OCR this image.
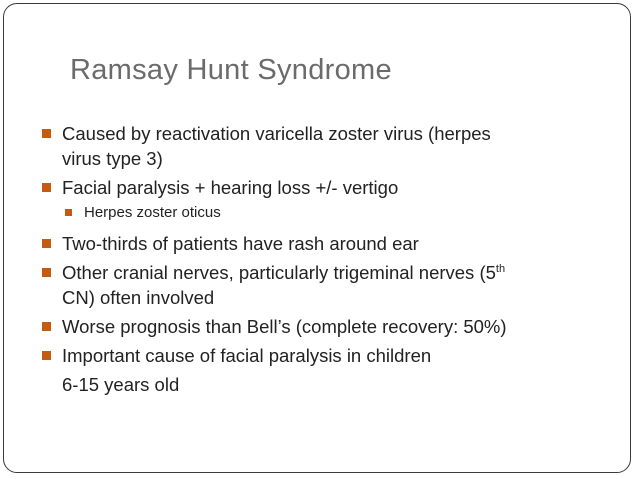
Ramsay Hunt Syndrome
Caused by reactivation varicella zoster virus (herpes
virus type 3)
Facial paralysis + hearing loss +/- vertigo
Herpes zoster oticus
Two-thirds of patients have rash around ear
Other cranial nerves, particularly trigeminal nerves (5th
CN) often involved
Worse prognosis than Bell’s (complete recovery: 50%)
Important cause of facial paralysis in children
6-15 years old
